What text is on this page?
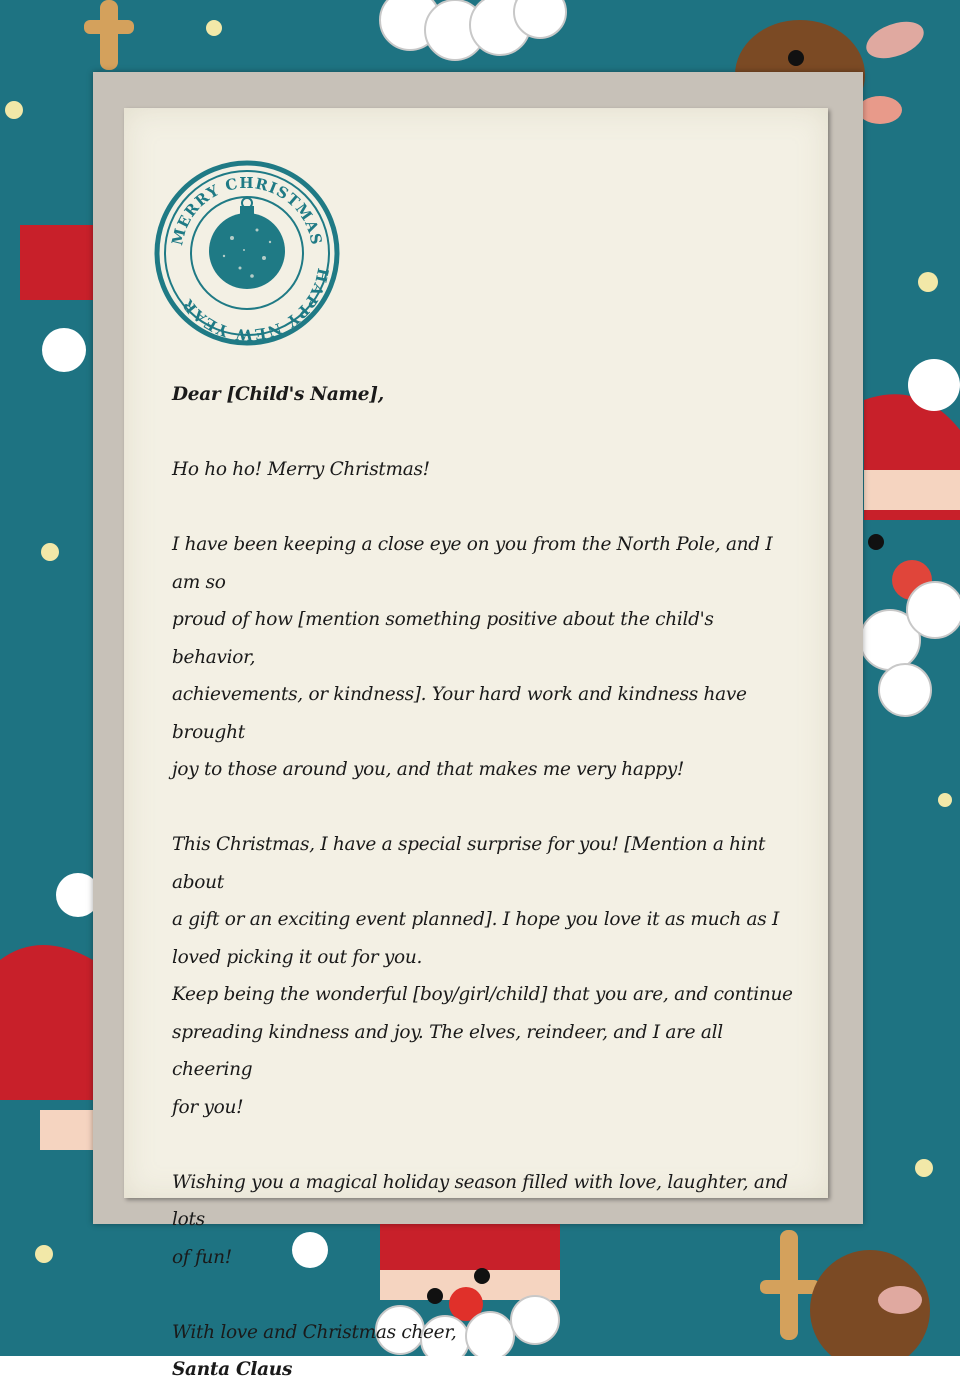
MERRY CHRISTMAS
HAPPY NEW YEAR

Dear [Child's Name],

Ho ho ho! Merry Christmas!

I have been keeping a close eye on you from the North Pole, and I am so

proud of how [mention something positive about the child's behavior,

achievements, or kindness]. Your hard work and kindness have brought

joy to those around you, and that makes me very happy!

This Christmas, I have a special surprise for you! [Mention a hint about

a gift or an exciting event planned]. I hope you love it as much as I

loved picking it out for you.

Keep being the wonderful [boy/girl/child] that you are, and continue

spreading kindness and joy. The elves, reindeer, and I are all cheering

for you!

Wishing you a magical holiday season filled with love, laughter, and lots

of fun!

With love and Christmas cheer,

Santa Claus
